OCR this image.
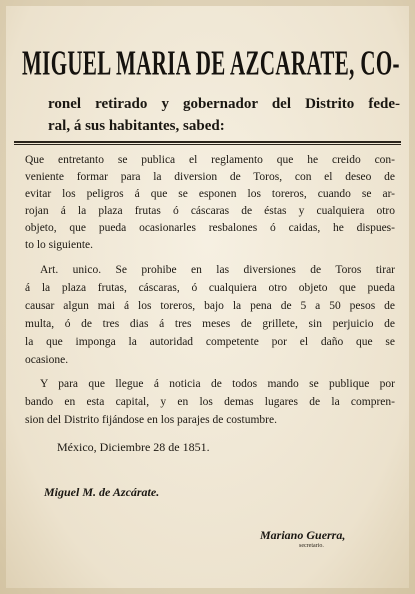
MIGUEL MARIA DE AZCARATE, CO-
ronel retirado y gobernador del Distrito fede-
ral, á sus habitantes, sabed:
Que entretanto se publica el reglamento que he creido con-
veniente formar para la diversion de Toros, con el deseo de
evitar los peligros á que se esponen los toreros, cuando se ar-
rojan á la plaza frutas ó cáscaras de éstas y cualquiera otro
objeto, que pueda ocasionarles resbalones ó caidas, he dispues-
to lo siguiente.
Art. unico. Se prohibe en las diversiones de Toros tirar
á la plaza frutas, cáscaras, ó cualquiera otro objeto que pueda
causar algun mai á los toreros, bajo la pena de 5 a 50 pesos de
multa, ó de tres dias á tres meses de grillete, sin perjuicio de
la que imponga la autoridad competente por el daño que se
ocasione.
Y para que llegue á noticia de todos mando se publique por
bando en esta capital, y en los demas lugares de la compren-
sion del Distrito fijándose en los parajes de costumbre.
México, Diciembre 28 de 1851.
Miguel M. de Azcárate.
Mariano Guerra,
secretario.
